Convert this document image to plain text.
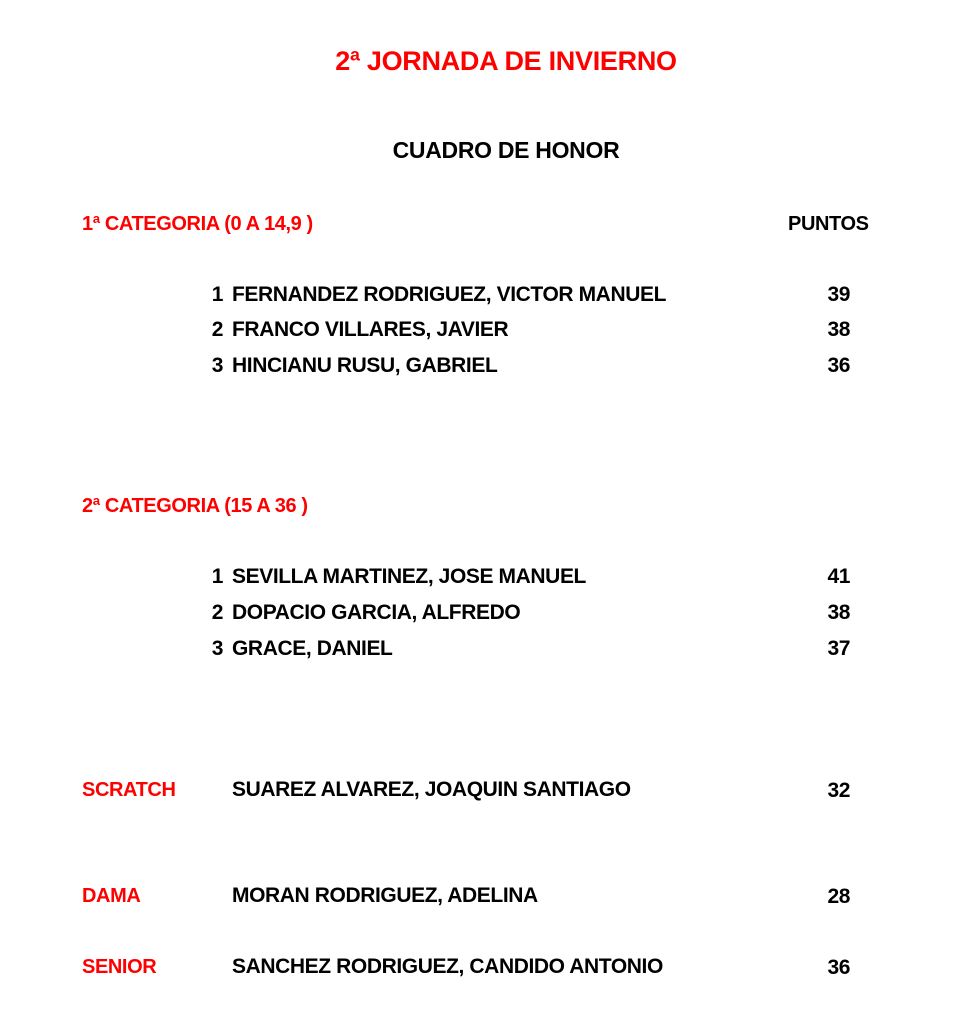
2ª JORNADA DE INVIERNO
CUADRO DE HONOR
1ª CATEGORIA (0 A 14,9 )	PUNTOS
1 FERNANDEZ RODRIGUEZ, VICTOR MANUEL	39
2 FRANCO VILLARES, JAVIER	38
3 HINCIANU RUSU, GABRIEL	36
2ª CATEGORIA (15 A 36 )
1 SEVILLA MARTINEZ, JOSE MANUEL	41
2 DOPACIO GARCIA, ALFREDO	38
3 GRACE, DANIEL	37
SCRATCH	SUAREZ ALVAREZ, JOAQUIN SANTIAGO	32
DAMA	MORAN RODRIGUEZ, ADELINA	28
SENIOR	SANCHEZ RODRIGUEZ, CANDIDO ANTONIO	36
